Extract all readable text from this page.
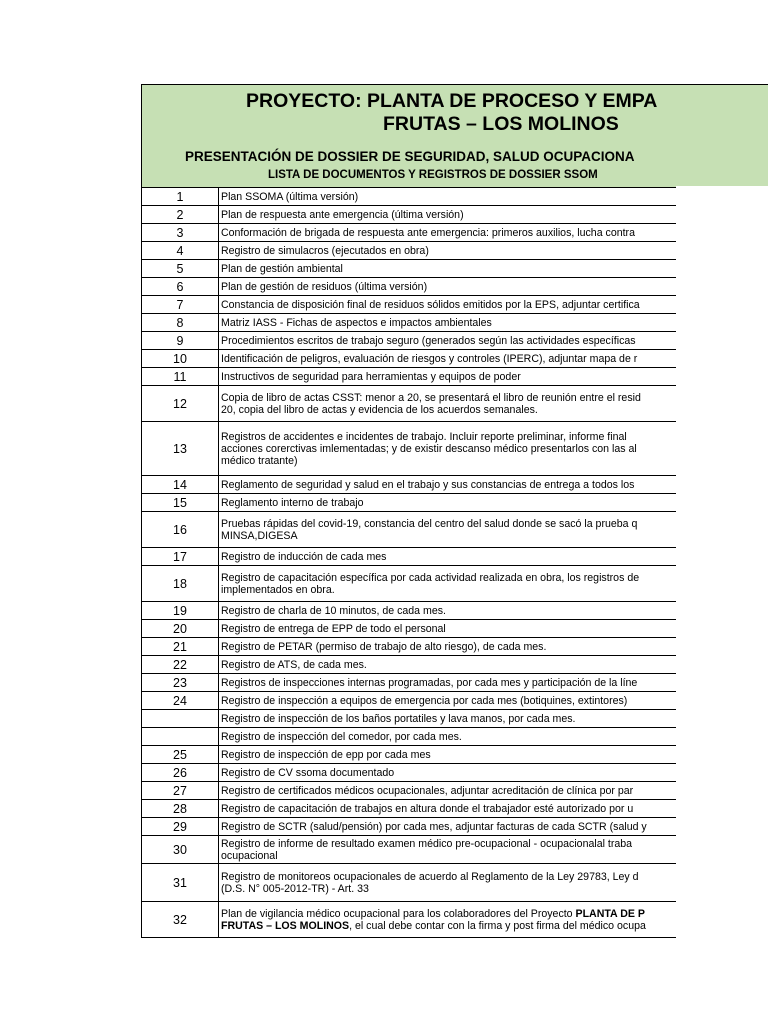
PROYECTO: PLANTA DE PROCESO Y EMPA
FRUTAS – LOS MOLINOS
PRESENTACIÓN DE DOSSIER DE SEGURIDAD, SALUD OCUPACIONA
LISTA DE DOCUMENTOS Y REGISTROS DE DOSSIER SSOM
1	Plan SSOMA (última versión)
2	Plan de respuesta ante emergencia (última versión)
3	Conformación de brigada de respuesta ante emergencia: primeros auxilios, lucha contra
4	Registro de simulacros (ejecutados en obra)
5	Plan de gestión ambiental
6	Plan de gestión de residuos (última versión)
7	Constancia de disposición final de residuos sólidos emitidos por la EPS, adjuntar certifica
8	Matriz IASS - Fichas de aspectos e impactos ambientales
9	Procedimientos escritos de trabajo seguro (generados según las actividades específicas
10	Identificación de peligros, evaluación de riesgos y controles (IPERC), adjuntar mapa de r
11	Instructivos de seguridad para herramientas y equipos de poder
12	Copia de libro de actas CSST: menor a 20, se presentará el libro de reunión entre el resid
20, copia del libro de actas y evidencia de los acuerdos semanales.
13	Registros de accidentes e incidentes de trabajo. Incluir reporte preliminar, informe final
acciones corerctivas imlementadas; y de existir descanso médico presentarlos con las al
médico tratante)
14	Reglamento de seguridad y salud en el trabajo y sus constancias de entrega a todos los
15	Reglamento interno de trabajo
16	Pruebas rápidas del covid-19, constancia del centro del salud donde se sacó la prueba q
MINSA,DIGESA
17	Registro de inducción de cada mes
18	Registro de capacitación específica por cada actividad realizada en obra, los registros de
implementados en obra.
19	Registro de charla de 10 minutos, de cada mes.
20	Registro de entrega de EPP de todo el personal
21	Registro de PETAR (permiso de trabajo de alto riesgo), de cada mes.
22	Registro de ATS, de cada mes.
23	Registros de inspecciones internas programadas, por cada mes y participación de la líne
24	Registro de inspección a equipos de emergencia por cada mes (botiquines, extintores)
	Registro de inspección de los baños portatiles y lava manos, por cada mes.
	Registro de inspección del comedor, por cada mes.
25	Registro de inspección de epp por cada mes
26	Registro de CV ssoma documentado
27	Registro de certificados médicos ocupacionales, adjuntar acreditación de clínica por par
28	Registro de capacitación de trabajos en altura donde el trabajador esté autorizado por u
29	Registro de SCTR (salud/pensión) por cada mes, adjuntar facturas de cada SCTR (salud y
30	Registro de informe de resultado examen médico pre-ocupacional - ocupacionalal traba
ocupacional
31	Registro de monitoreos ocupacionales de acuerdo al Reglamento de la Ley 29783, Ley d
(D.S. N° 005-2012-TR) - Art. 33
32	Plan de vigilancia médico ocupacional para los colaboradores del Proyecto PLANTA DE P
FRUTAS – LOS MOLINOS, el cual debe contar con la firma y post firma del médico ocupa
